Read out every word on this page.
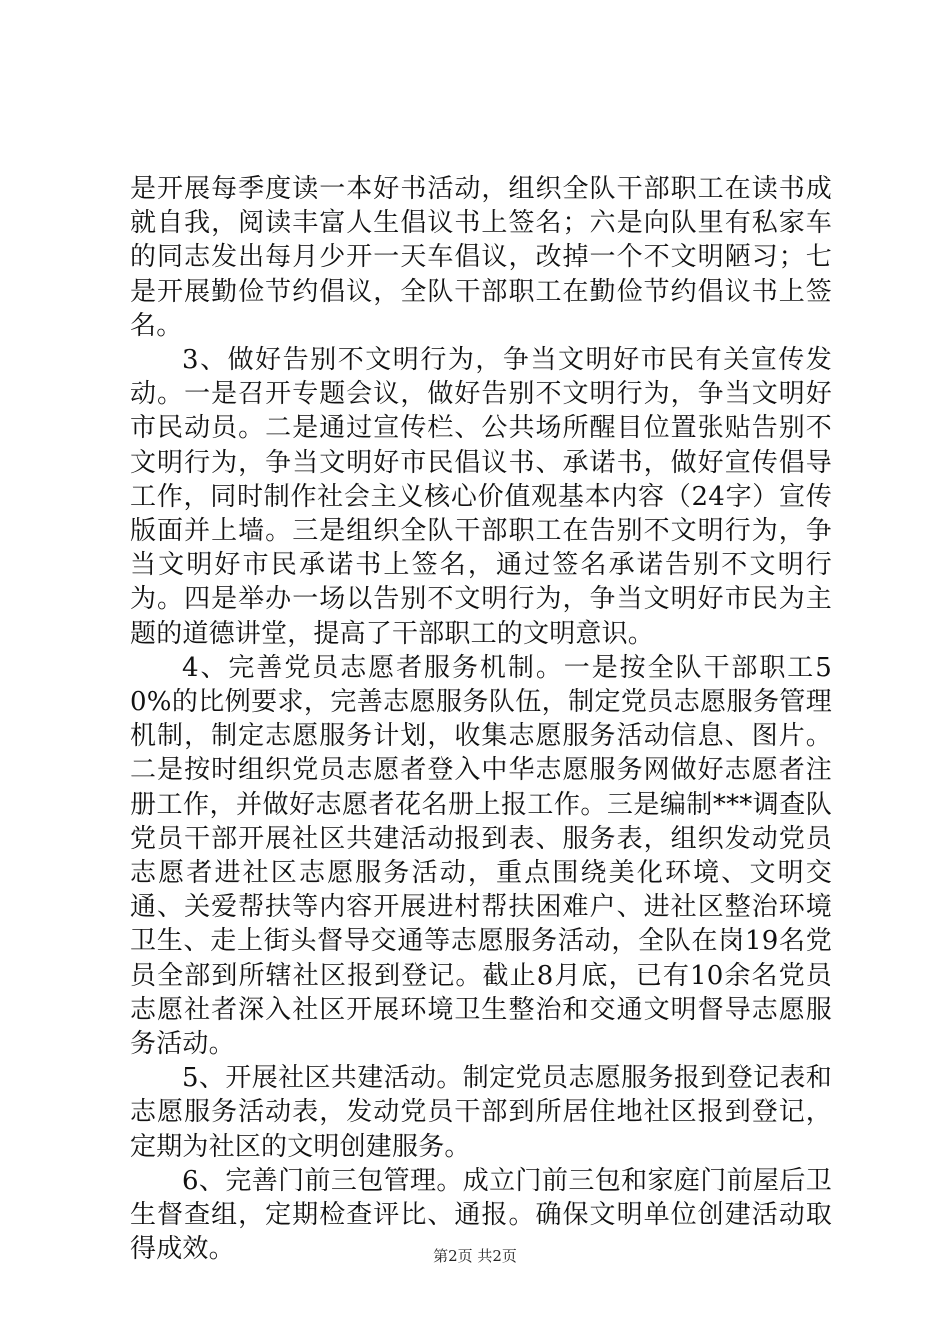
是开展每季度读一本好书活动，组织全队干部职工在读书成就自我，阅读丰富人生倡议书上签名；六是向队里有私家车的同志发出每月少开一天车倡议，改掉一个不文明陋习；七是开展勤俭节约倡议，全队干部职工在勤俭节约倡议书上签名。

3、做好告别不文明行为，争当文明好市民有关宣传发动。一是召开专题会议，做好告别不文明行为，争当文明好市民动员。二是通过宣传栏、公共场所醒目位置张贴告别不文明行为，争当文明好市民倡议书、承诺书，做好宣传倡导工作，同时制作社会主义核心价值观基本内容（24字）宣传版面并上墙。三是组织全队干部职工在告别不文明行为，争当文明好市民承诺书上签名，通过签名承诺告别不文明行为。四是举办一场以告别不文明行为，争当文明好市民为主题的道德讲堂，提高了干部职工的文明意识。

4、完善党员志愿者服务机制。一是按全队干部职工50%的比例要求，完善志愿服务队伍，制定党员志愿服务管理机制，制定志愿服务计划，收集志愿服务活动信息、图片。二是按时组织党员志愿者登入中华志愿服务网做好志愿者注册工作，并做好志愿者花名册上报工作。三是编制***调查队党员干部开展社区共建活动报到表、服务表，组织发动党员志愿者进社区志愿服务活动，重点围绕美化环境、文明交通、关爱帮扶等内容开展进村帮扶困难户、进社区整治环境卫生、走上街头督导交通等志愿服务活动，全队在岗19名党员全部到所辖社区报到登记。截止8月底，已有10余名党员志愿社者深入社区开展环境卫生整治和交通文明督导志愿服务活动。

5、开展社区共建活动。制定党员志愿服务报到登记表和志愿服务活动表，发动党员干部到所居住地社区报到登记，定期为社区的文明创建服务。

6、完善门前三包管理。成立门前三包和家庭门前屋后卫生督查组，定期检查评比、通报。确保文明单位创建活动取得成效。	第2页 共2页
